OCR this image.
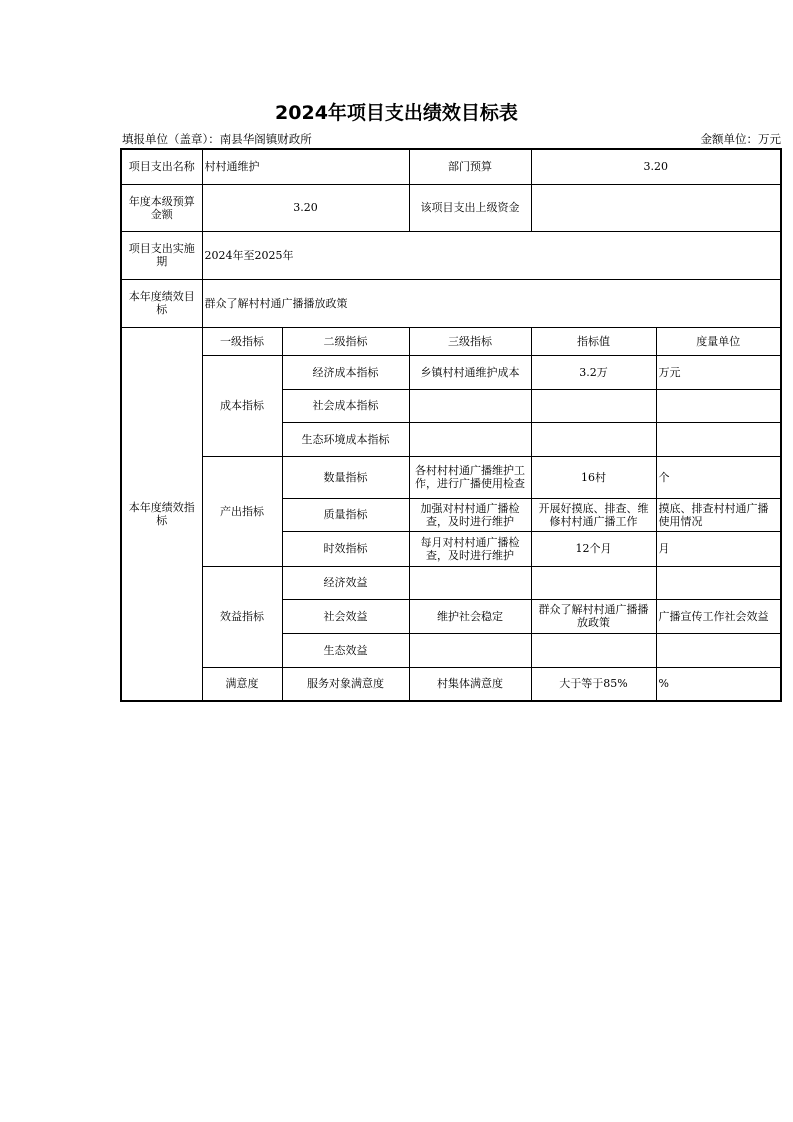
2024年项目支出绩效目标表
填报单位（盖章）：南县华阁镇财政所	金额单位：万元
项目支出名称	村村通维护		部门预算	3.20	
年度本级预算金额	3.20		该项目支出上级资金		
项目支出实施期	2024年至2025年				
本年度绩效目标	群众了解村村通广播播放政策				
本年度绩效指标	一级指标	二级指标	三级指标	指标值	度量单位
	成本指标	经济成本指标	乡镇村村通维护成本	3.2万	万元
		社会成本指标			
		生态环境成本指标			
	产出指标	数量指标	各村村村通广播维护工作，进行广播使用检查	16村	个
		质量指标	加强对村村通广播检查，及时进行维护	开展好摸底、排查、维修村村通广播工作	摸底、排查村村通广播使用情况
		时效指标	每月对村村通广播检查，及时进行维护	12个月	月
	效益指标	经济效益			
		社会效益	维护社会稳定	群众了解村村通广播播放政策	广播宣传工作社会效益
		生态效益			
	满意度	服务对象满意度	村集体满意度	大于等于85%	%
